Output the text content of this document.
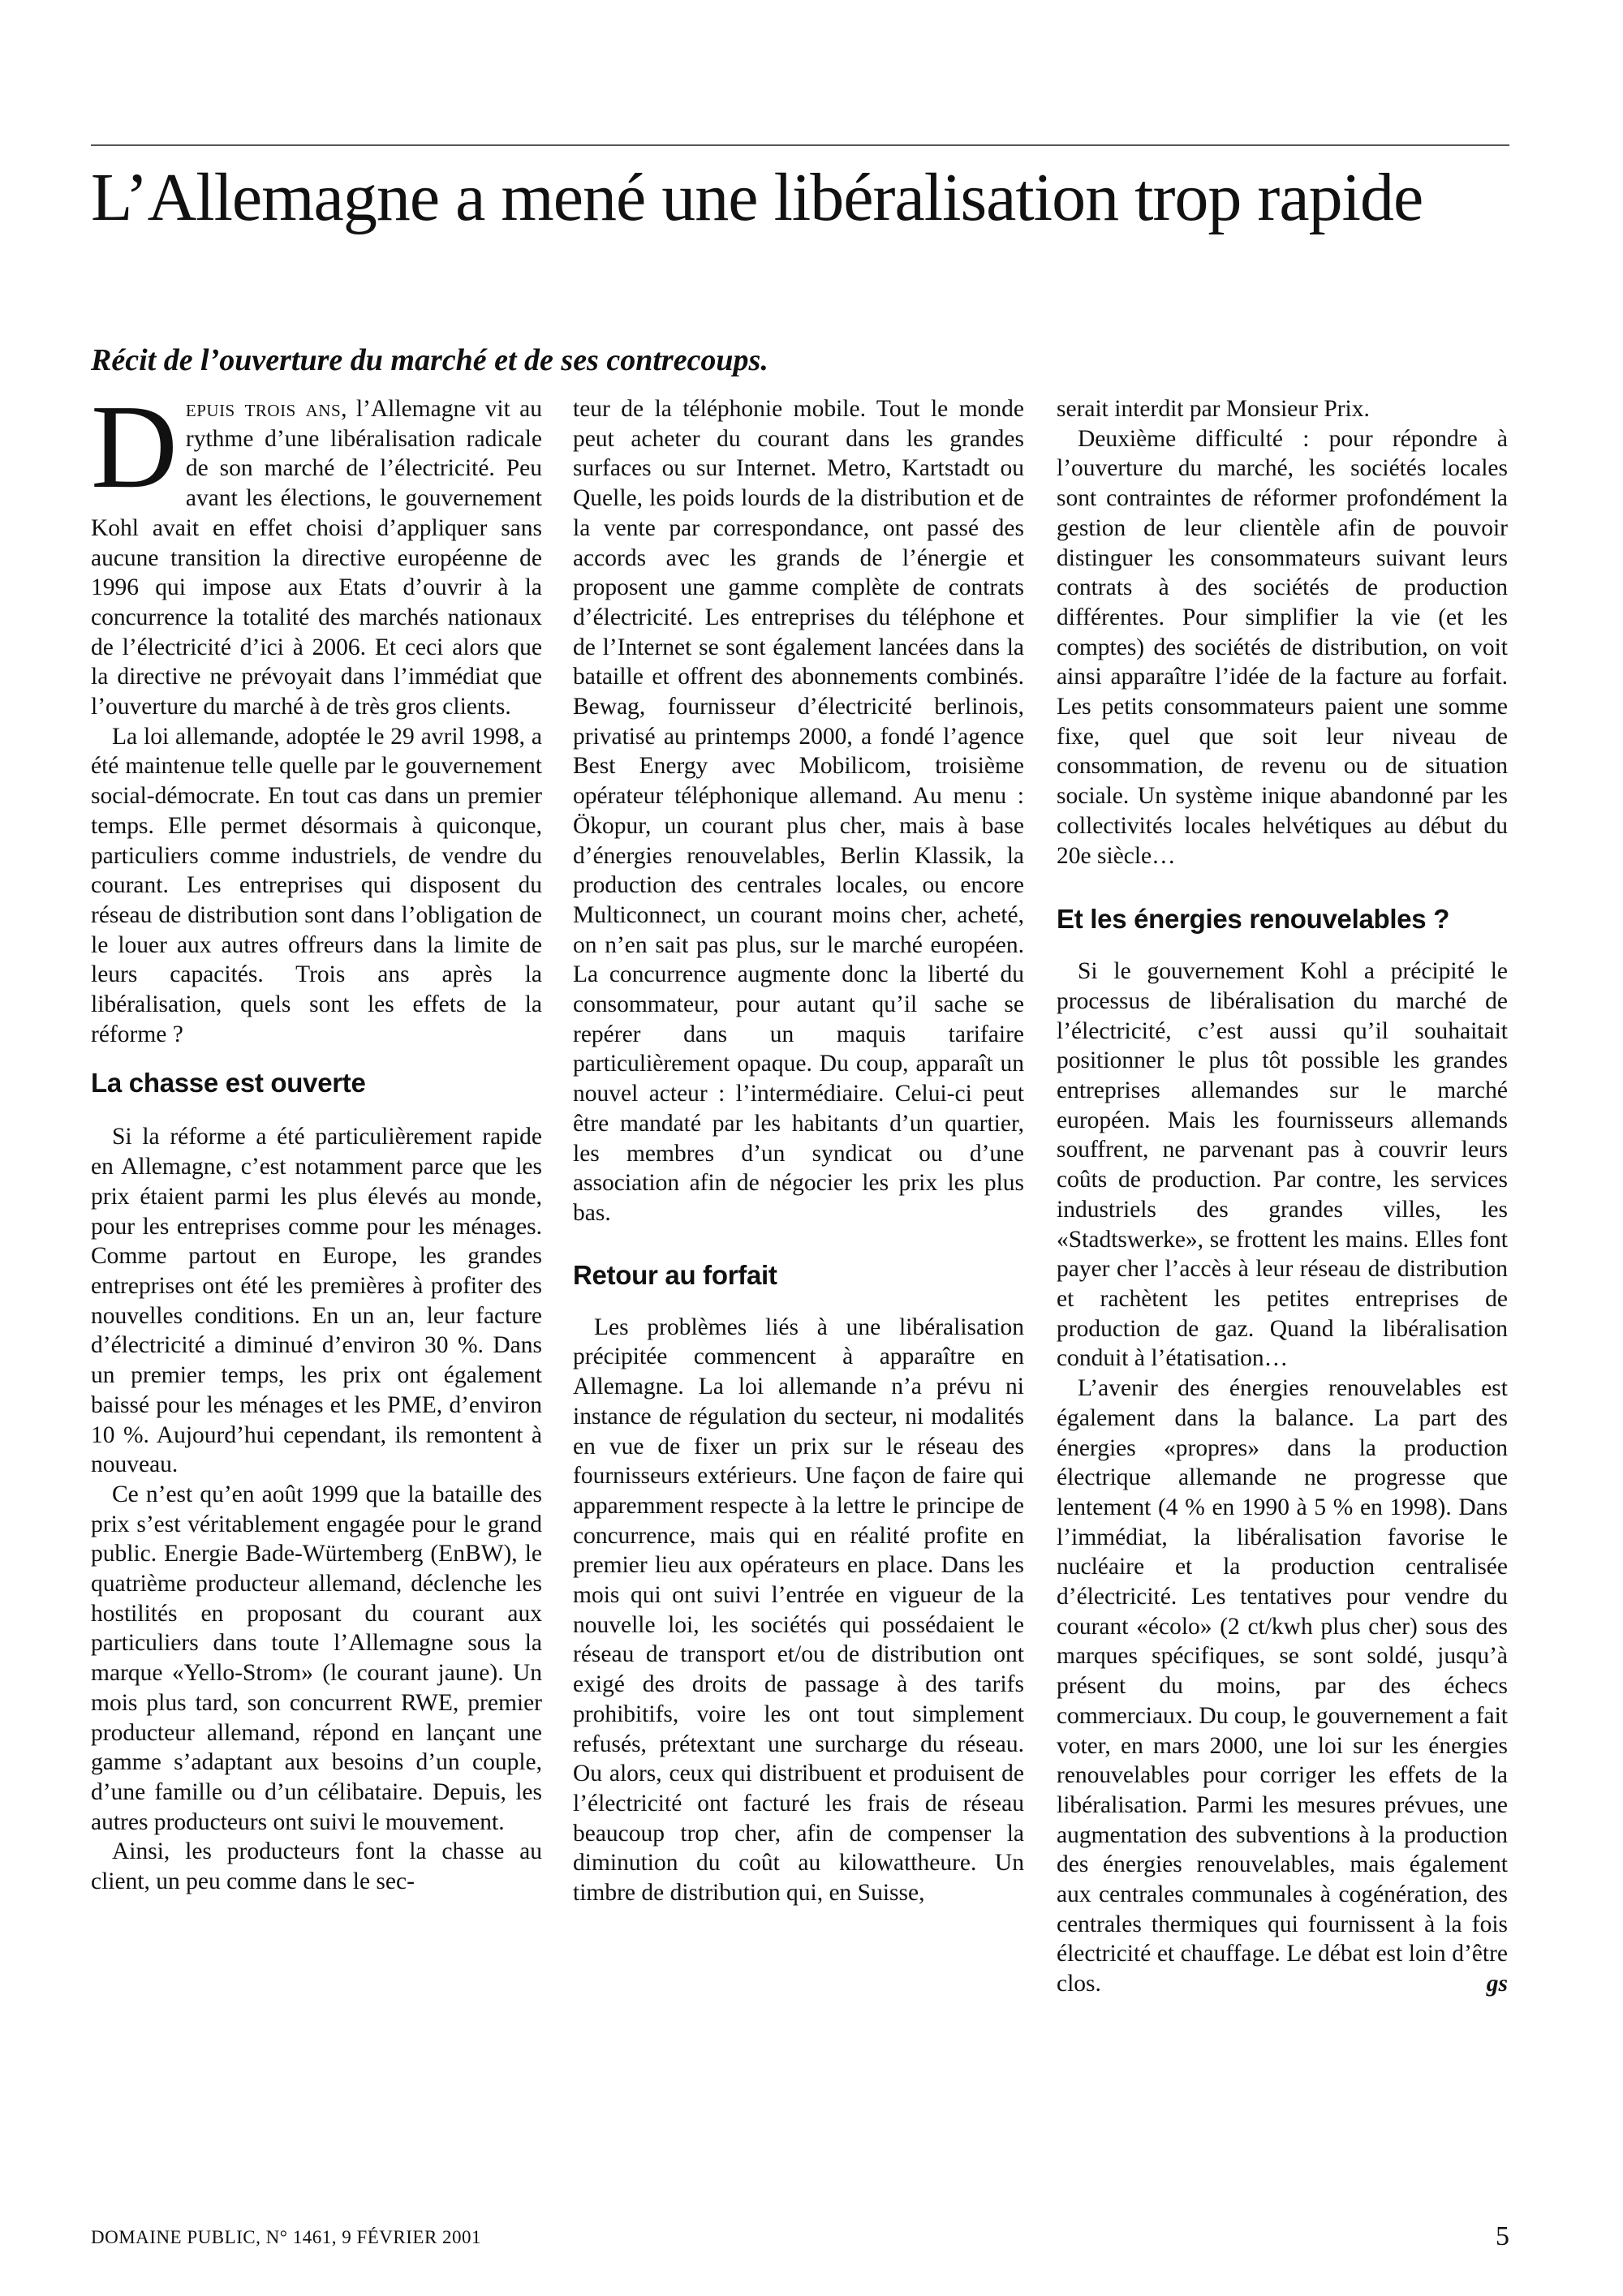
L’Allemagne a mené une libéralisation trop rapide
Récit de l’ouverture du marché et de ses contrecoups.

Depuis trois ans, l’Allemagne vit au rythme d’une libéralisation radicale de son marché de l’électricité. Peu avant les élections, le gouvernement Kohl avait en effet choisi d’appliquer sans aucune transition la directive européenne de 1996 qui impose aux Etats d’ouvrir à la concurrence la totalité des marchés nationaux de l’électricité d’ici à 2006. Et ceci alors que la directive ne prévoyait dans l’immédiat que l’ouverture du marché à de très gros clients.

La loi allemande, adoptée le 29 avril 1998, a été maintenue telle quelle par le gouvernement social-démocrate. En tout cas dans un premier temps. Elle permet désormais à quiconque, particuliers comme industriels, de vendre du courant. Les entreprises qui disposent du réseau de distribution sont dans l’obligation de le louer aux autres offreurs dans la limite de leurs capacités. Trois ans après la libéralisation, quels sont les effets de la réforme ?

La chasse est ouverte

Si la réforme a été particulièrement rapide en Allemagne, c’est notamment parce que les prix étaient parmi les plus élevés au monde, pour les entreprises comme pour les ménages. Comme partout en Europe, les grandes entreprises ont été les premières à profiter des nouvelles conditions. En un an, leur facture d’électricité a diminué d’environ 30 %. Dans un premier temps, les prix ont également baissé pour les ménages et les PME, d’environ 10 %. Aujourd’hui cependant, ils remontent à nouveau.

Ce n’est qu’en août 1999 que la bataille des prix s’est véritablement engagée pour le grand public. Energie Bade-Würtemberg (EnBW), le quatrième producteur allemand, déclenche les hostilités en proposant du courant aux particuliers dans toute l’Allemagne sous la marque «Yello-Strom» (le courant jaune). Un mois plus tard, son concurrent RWE, premier producteur allemand, répond en lançant une gamme s’adaptant aux besoins d’un couple, d’une famille ou d’un célibataire. Depuis, les autres producteurs ont suivi le mouvement.

Ainsi, les producteurs font la chasse au client, un peu comme dans le sec-

teur de la téléphonie mobile. Tout le monde peut acheter du courant dans les grandes surfaces ou sur Internet. Metro, Kartstadt ou Quelle, les poids lourds de la distribution et de la vente par correspondance, ont passé des accords avec les grands de l’énergie et proposent une gamme complète de contrats d’électricité. Les entreprises du téléphone et de l’Internet se sont également lancées dans la bataille et offrent des abonnements combinés. Bewag, fournisseur d’électricité berlinois, privatisé au printemps 2000, a fondé l’agence Best Energy avec Mobilicom, troisième opérateur téléphonique allemand. Au menu : Ökopur, un courant plus cher, mais à base d’énergies renouvelables, Berlin Klassik, la production des centrales locales, ou encore Multiconnect, un courant moins cher, acheté, on n’en sait pas plus, sur le marché européen. La concurrence augmente donc la liberté du consommateur, pour autant qu’il sache se repérer dans un maquis tarifaire particulièrement opaque. Du coup, apparaît un nouvel acteur : l’intermédiaire. Celui-ci peut être mandaté par les habitants d’un quartier, les membres d’un syndicat ou d’une association afin de négocier les prix les plus bas.

Retour au forfait

Les problèmes liés à une libéralisation précipitée commencent à apparaître en Allemagne. La loi allemande n’a prévu ni instance de régulation du secteur, ni modalités en vue de fixer un prix sur le réseau des fournisseurs extérieurs. Une façon de faire qui apparemment respecte à la lettre le principe de concurrence, mais qui en réalité profite en premier lieu aux opérateurs en place. Dans les mois qui ont suivi l’entrée en vigueur de la nouvelle loi, les sociétés qui possédaient le réseau de transport et/ou de distribution ont exigé des droits de passage à des tarifs prohibitifs, voire les ont tout simplement refusés, prétextant une surcharge du réseau. Ou alors, ceux qui distribuent et produisent de l’électricité ont facturé les frais de réseau beaucoup trop cher, afin de compenser la diminution du coût au kilowattheure. Un timbre de distribution qui, en Suisse,

serait interdit par Monsieur Prix.

Deuxième difficulté : pour répondre à l’ouverture du marché, les sociétés locales sont contraintes de réformer profondément la gestion de leur clientèle afin de pouvoir distinguer les consommateurs suivant leurs contrats à des sociétés de production différentes. Pour simplifier la vie (et les comptes) des sociétés de distribution, on voit ainsi apparaître l’idée de la facture au forfait. Les petits consommateurs paient une somme fixe, quel que soit leur niveau de consommation, de revenu ou de situation sociale. Un système inique abandonné par les collectivités locales helvétiques au début du 20e siècle…

Et les énergies renouvelables ?

Si le gouvernement Kohl a précipité le processus de libéralisation du marché de l’électricité, c’est aussi qu’il souhaitait positionner le plus tôt possible les grandes entreprises allemandes sur le marché européen. Mais les fournisseurs allemands souffrent, ne parvenant pas à couvrir leurs coûts de production. Par contre, les services industriels des grandes villes, les «Stadtswerke», se frottent les mains. Elles font payer cher l’accès à leur réseau de distribution et rachètent les petites entreprises de production de gaz. Quand la libéralisation conduit à l’étatisation…

L’avenir des énergies renouvelables est également dans la balance. La part des énergies «propres» dans la production électrique allemande ne progresse que lentement (4 % en 1990 à 5 % en 1998). Dans l’immédiat, la libéralisation favorise le nucléaire et la production centralisée d’électricité. Les tentatives pour vendre du courant «écolo» (2 ct/kwh plus cher) sous des marques spécifiques, se sont soldé, jusqu’à présent du moins, par des échecs commerciaux. Du coup, le gouvernement a fait voter, en mars 2000, une loi sur les énergies renouvelables pour corriger les effets de la libéralisation. Parmi les mesures prévues, une augmentation des subventions à la production des énergies renouvelables, mais également aux centrales communales à cogénération, des centrales thermiques qui fournissent à la fois électricité et chauffage. Le débat est loin d’être clos.	gs

DOMAINE PUBLIC, N° 1461, 9 FÉVRIER 2001	5
